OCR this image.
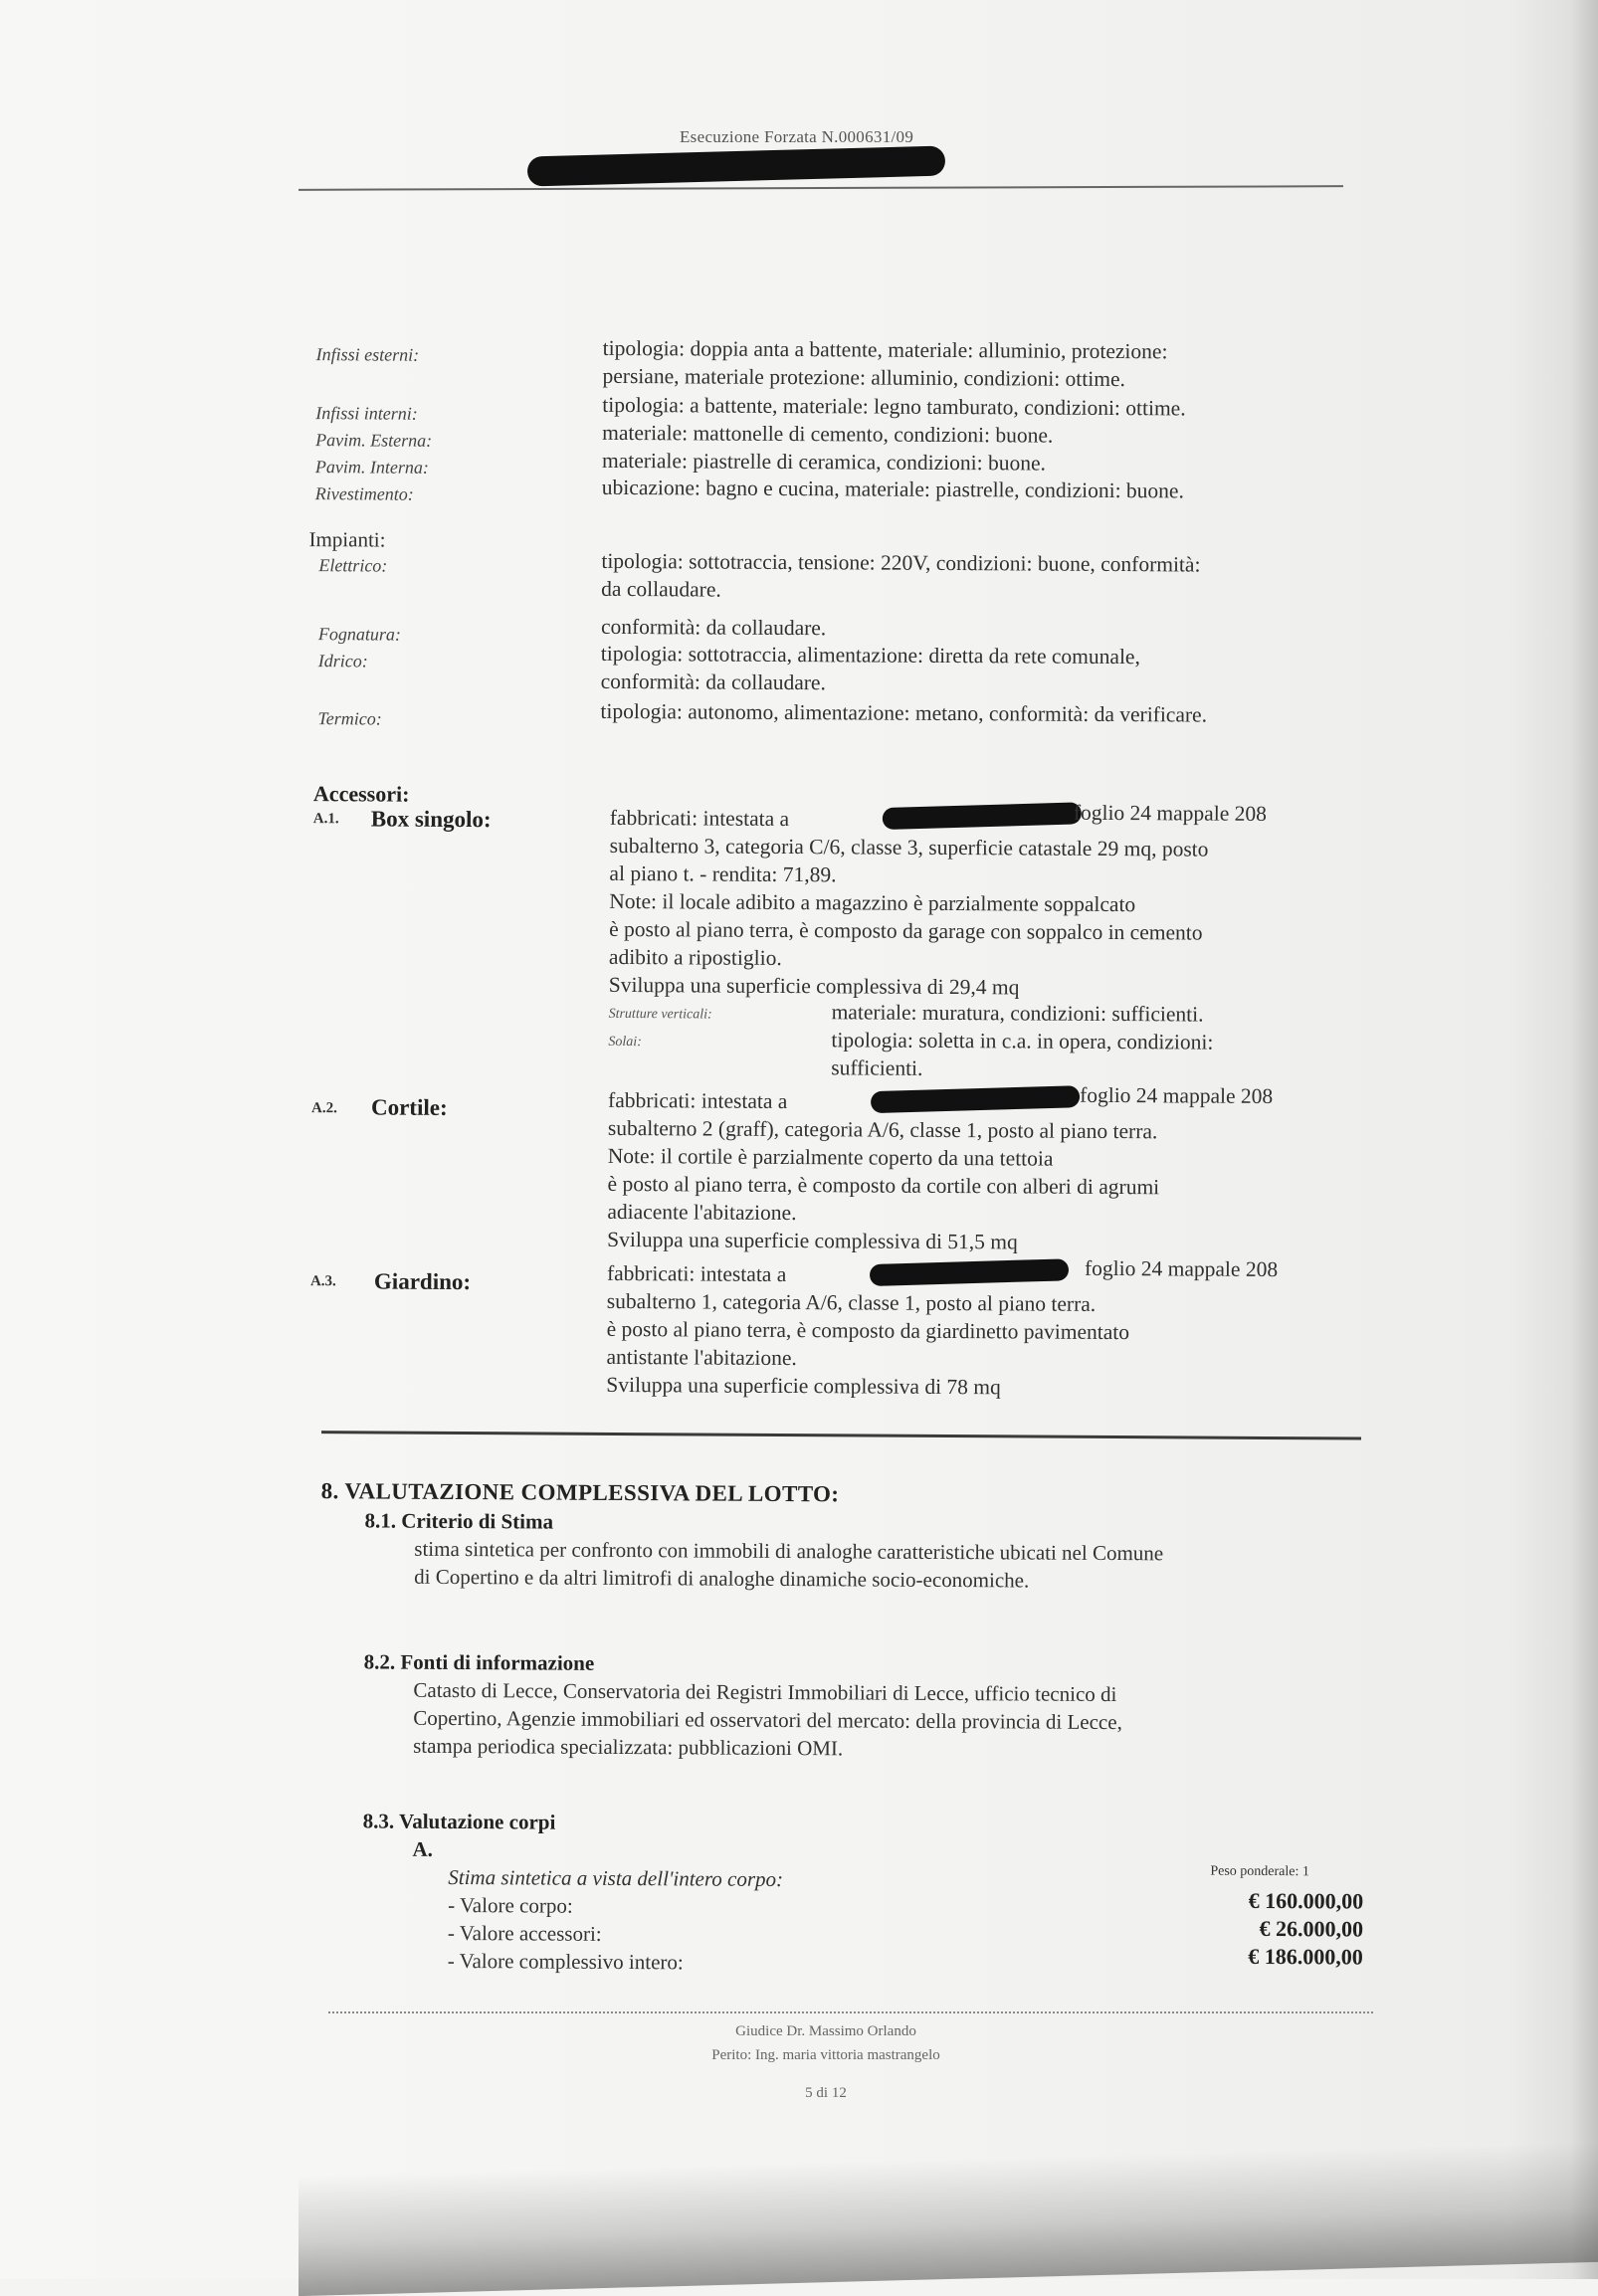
Esecuzione Forzata N.000631/09
Infissi esterni:	tipologia: doppia anta a battente, materiale: alluminio, protezione:
persiane, materiale protezione: alluminio, condizioni: ottime.
Infissi interni:	tipologia: a battente, materiale: legno tamburato, condizioni: ottime.
Pavim. Esterna:	materiale: mattonelle di cemento, condizioni: buone.
Pavim. Interna:	materiale: piastrelle di ceramica, condizioni: buone.
Rivestimento:	ubicazione: bagno e cucina, materiale: piastrelle, condizioni: buone.
Impianti:
Elettrico:	tipologia: sottotraccia, tensione: 220V, condizioni: buone, conformità:
da collaudare.
Fognatura:	conformità: da collaudare.
Idrico:	tipologia: sottotraccia, alimentazione: diretta da rete comunale,
conformità: da collaudare.
Termico:	tipologia: autonomo, alimentazione: metano, conformità: da verificare.
Accessori:
A.1. Box singolo:	fabbricati: intestata a	foglio 24 mappale 208
subalterno 3, categoria C/6, classe 3, superficie catastale 29 mq, posto
al piano t. - rendita: 71,89.
Note: il locale adibito a magazzino è parzialmente soppalcato
è posto al piano terra, è composto da garage con soppalco in cemento
adibito a ripostiglio.
Sviluppa una superficie complessiva di 29,4 mq
Strutture verticali:	materiale: muratura, condizioni: sufficienti.
Solai:	tipologia: soletta in c.a. in opera, condizioni:
sufficienti.
A.2. Cortile:	fabbricati: intestata a	foglio 24 mappale 208
subalterno 2 (graff), categoria A/6, classe 1, posto al piano terra.
Note: il cortile è parzialmente coperto da una tettoia
è posto al piano terra, è composto da cortile con alberi di agrumi
adiacente l'abitazione.
Sviluppa una superficie complessiva di 51,5 mq
A.3. Giardino:	fabbricati: intestata a	foglio 24 mappale 208
subalterno 1, categoria A/6, classe 1, posto al piano terra.
è posto al piano terra, è composto da giardinetto pavimentato
antistante l'abitazione.
Sviluppa una superficie complessiva di 78 mq
8. VALUTAZIONE COMPLESSIVA DEL LOTTO:
8.1. Criterio di Stima
stima sintetica per confronto con immobili di analoghe caratteristiche ubicati nel Comune
di Copertino e da altri limitrofi di analoghe dinamiche socio-economiche.
8.2. Fonti di informazione
Catasto di Lecce, Conservatoria dei Registri Immobiliari di Lecce, ufficio tecnico di
Copertino, Agenzie immobiliari ed osservatori del mercato: della provincia di Lecce,
stampa periodica specializzata: pubblicazioni OMI.
8.3. Valutazione corpi
A.
Stima sintetica a vista dell'intero corpo:	Peso ponderale: 1
- Valore corpo:	€ 160.000,00
- Valore accessori:	€ 26.000,00
- Valore complessivo intero:	€ 186.000,00
Giudice Dr. Massimo Orlando
Perito: Ing. maria vittoria mastrangelo
5 di 12
